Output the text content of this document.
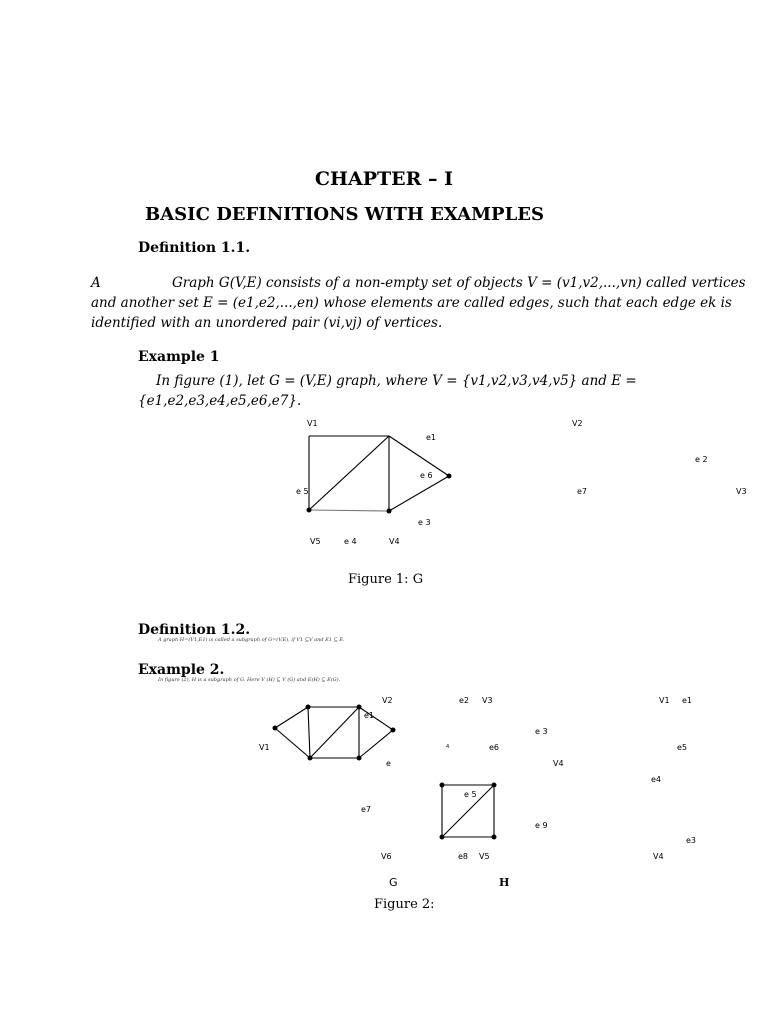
CHAPTER – I
BASIC DEFINITIONS WITH EXAMPLES
Definition 1.1.
A	Graph G(V,E) consists of a non-empty set of objects V = (v1,v2,...,vn) called vertices
and another set E = (e1,e2,...,en) whose elements are called edges, such that each edge ek is
identified with an unordered pair (vi,vj) of vertices.
Example 1
In figure (1), let G = (V,E) graph, where V = {v1,v2,v3,v4,v5} and E =
{e1,e2,e3,e4,e5,e6,e7}.
V1	V2
e1
e 2
e 6
e 5	e7	V3
e 3
V5	e 4	V4
Figure 1: G
Definition 1.2.
A graph H=(V1,E1) is called a subgraph of G=(V,E), if V1 ⊆V and E1 ⊆ E.
Example 2.
In figure (2), H is a subgraph of G. Here V (H) ⊆ V (G) and E(H) ⊆ E(G).
V2	e2 V3	V1 e1
e1
e 3
V1	4	e6	e5
e	V4
e4
e 5
e7
e 9
e3
V6	e8 V5	V4
G	H
Figure 2:
